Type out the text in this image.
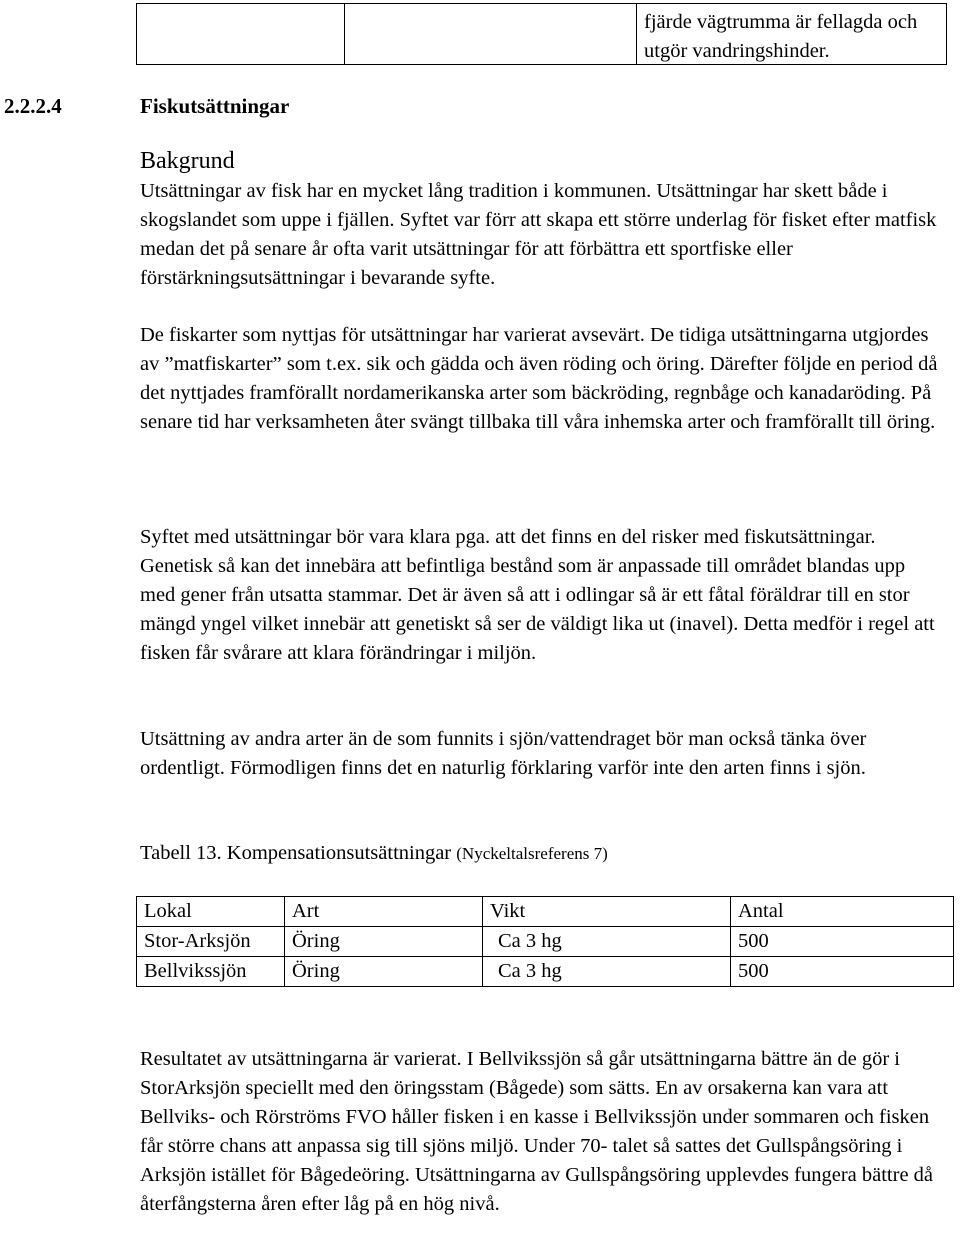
fjärde vägtrumma är fellagda och utgör vandringshinder.
2.2.2.4	Fiskutsättningar
Bakgrund

Utsättningar av fisk har en mycket lång tradition i kommunen. Utsättningar har skett både i skogslandet som uppe i fjällen. Syftet var förr att skapa ett större underlag för fisket efter matfisk medan det på senare år ofta varit utsättningar för att förbättra ett sportfiske eller förstärkningsutsättningar i bevarande syfte.

De fiskarter som nyttjas för utsättningar har varierat avsevärt. De tidiga utsättningarna utgjordes av ”matfiskarter” som t.ex. sik och gädda och även röding och öring. Därefter följde en period då det nyttjades framförallt nordamerikanska arter som bäckröding, regnbåge och kanadaröding. På senare tid har verksamheten åter svängt tillbaka till våra inhemska arter och framförallt till öring.

Syftet med utsättningar bör vara klara pga. att det finns en del risker med fiskutsättningar. Genetisk så kan det innebära att befintliga bestånd som är anpassade till området blandas upp med gener från utsatta stammar. Det är även så att i odlingar så är ett fåtal föräldrar till en stor mängd yngel vilket innebär att genetiskt så ser de väldigt lika ut (inavel). Detta medför i regel att fisken får svårare att klara förändringar i miljön.

Utsättning av andra arter än de som funnits i sjön/vattendraget bör man också tänka över ordentligt. Förmodligen finns det en naturlig förklaring varför inte den arten finns i sjön.

Tabell 13. Kompensationsutsättningar (Nyckeltalsreferens 7)
Lokal	Art	Vikt	Antal
Stor-Arksjön	Öring	Ca 3 hg	500
Bellvikssjön	Öring	Ca 3 hg	500

Resultatet av utsättningarna är varierat. I Bellvikssjön så går utsättningarna bättre än de gör i StorArksjön speciellt med den öringsstam (Bågede) som sätts. En av orsakerna kan vara att Bellviks- och Rörströms FVO håller fisken i en kasse i Bellvikssjön under sommaren och fisken får större chans att anpassa sig till sjöns miljö. Under 70- talet så sattes det Gullspångsöring i Arksjön istället för Bågedeöring. Utsättningarna av Gullspångsöring upplevdes fungera bättre då återfångsterna åren efter låg på en hög nivå.
